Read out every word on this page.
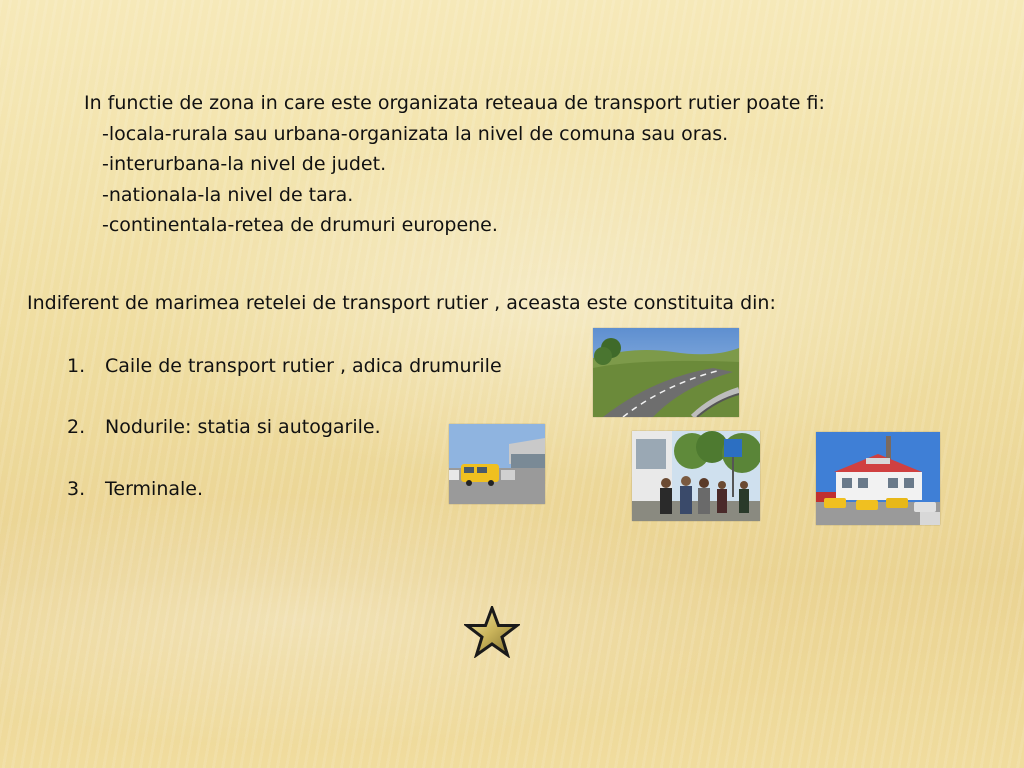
In functie de zona in care este organizata reteaua de transport rutier poate fi:
-locala-rurala sau urbana-organizata la nivel de comuna sau oras.
-interurbana-la nivel de judet.
-nationala-la nivel de tara.
-continentala-retea de drumuri europene.
Indiferent de marimea retelei de transport rutier , aceasta este constituita din:
1. Caile de transport rutier , adica drumurile
2. Nodurile: statia si autogarile.
3. Terminale.
